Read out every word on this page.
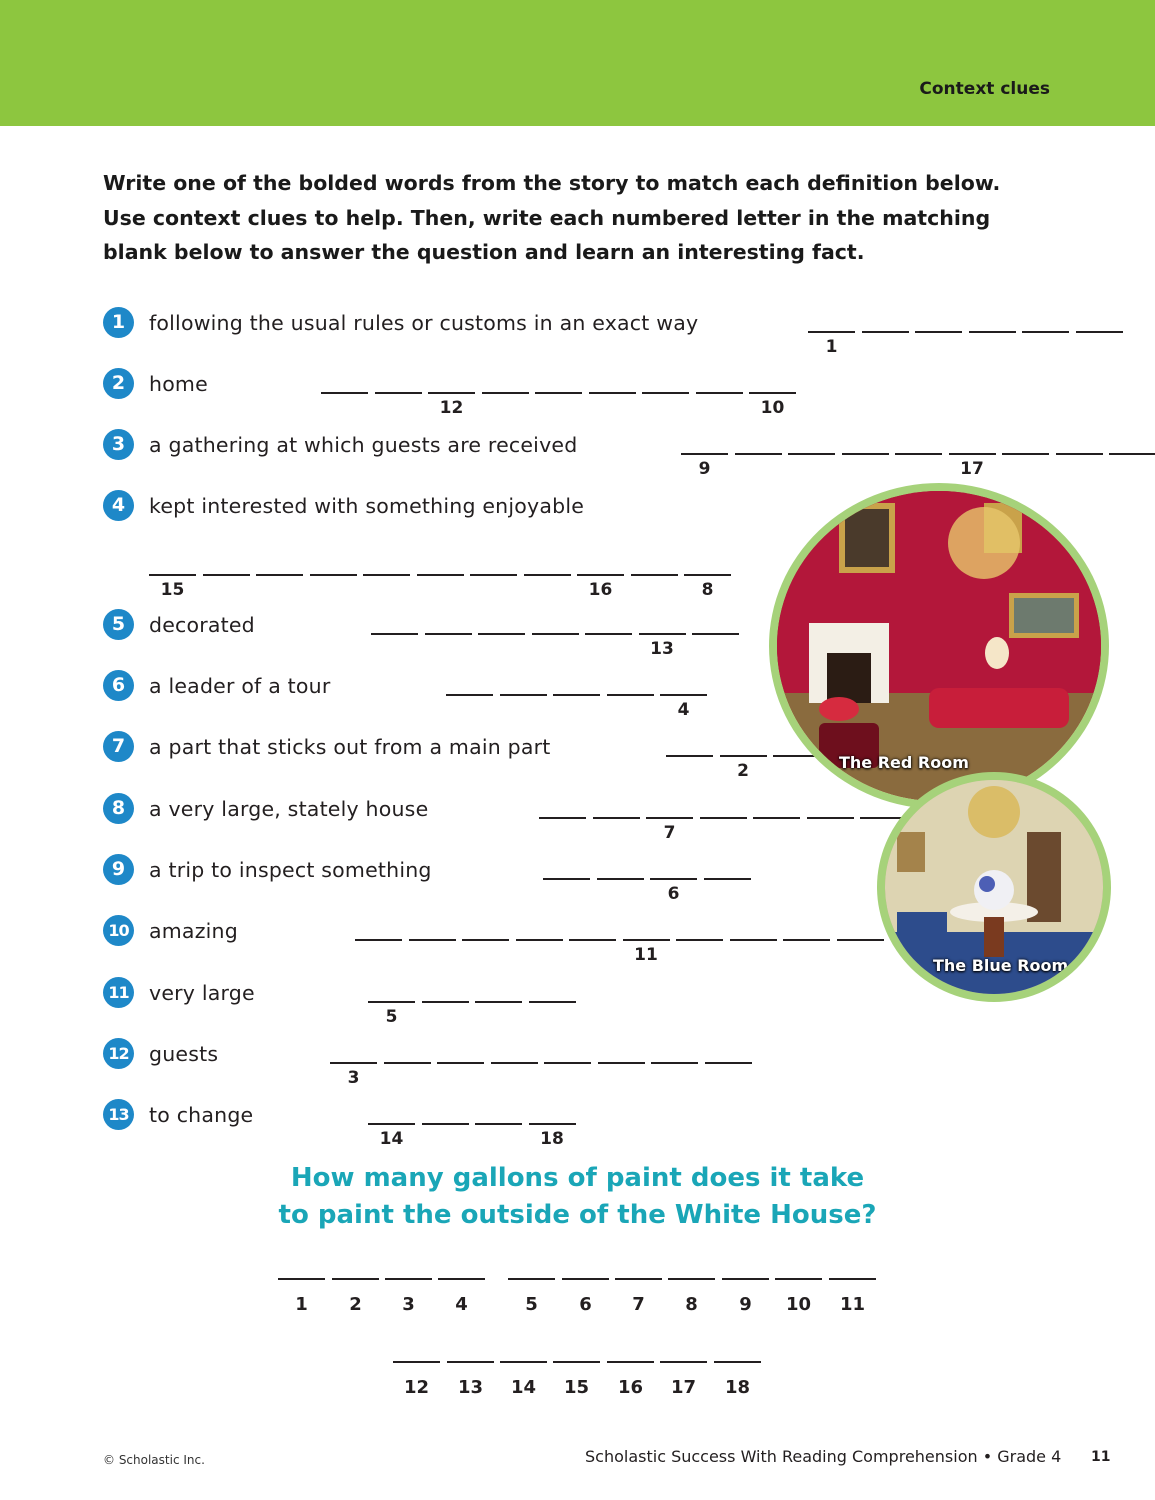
Context clues
Write one of the bolded words from the story to match each definition below. Use context clues to help. Then, write each numbered letter in the matching blank below to answer the question and learn an interesting fact.
1	following the usual rules or customs in an exact way
1
2	home
12	10
3	a gathering at which guests are received
9	17
4	kept interested with something enjoyable
15	16	8
5	decorated
13
6	a leader of a tour
4
7	a part that sticks out from a main part
2
8	a very large, stately house
7
9	a trip to inspect something
6
10 amazing
11
11 very large
5
12 guests
3
13 to change
14	18
The Red Room
The Blue Room
How many gallons of paint does it take
to paint the outside of the White House?
1	2	3	4	5	6	7	8	9	10	11
12	13	14	15	16	17	18
© Scholastic Inc.	Scholastic Success With Reading Comprehension • Grade 4 11
